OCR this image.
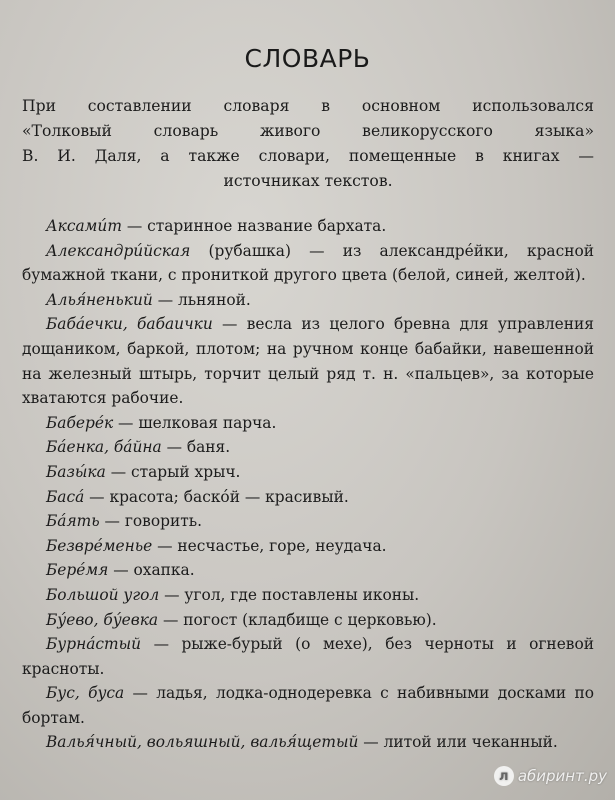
СЛОВАРЬ
При составлении словаря в основном использовался
«Толковый словарь живого великорусского языка»
В. И. Даля, а также словари, помещенные в книгах —
источниках текстов.

Аксами́т — старинное название бархата.

Александри́йская (рубашка) — из александре́йки, красной бумажной ткани, с прониткой другого цвета (белой, синей, желтой).

Алья́ненький — льняной.

Баба́ечки, бабаички — весла из целого бревна для управления дощаником, баркой, плотом; на ручном конце бабайки, навешенной на железный штырь, торчит целый ряд т. н. «пальцев», за которые хватаются рабочие.

Бабере́к — шелковая парча.

Ба́енка, ба́йна — баня.

Базы́ка — старый хрыч.

Баса́ — красота; баско́й — красивый.

Ба́ять — говорить.

Безвре́менье — несчастье, горе, неудача.

Бере́мя — охапка.

Большой угол — угол, где поставлены иконы.

Бу́ево, бу́евка — погост (кладбище с церковью).

Бурна́стый — рыже-бурый (о мехе), без черноты и огневой красноты.

Бус, буса — ладья, лодка-однодеревка с набивными досками по бортам.

Валья́чный, вольяшный, валья́щетый — литой или чеканный.

л абиринт.ру
